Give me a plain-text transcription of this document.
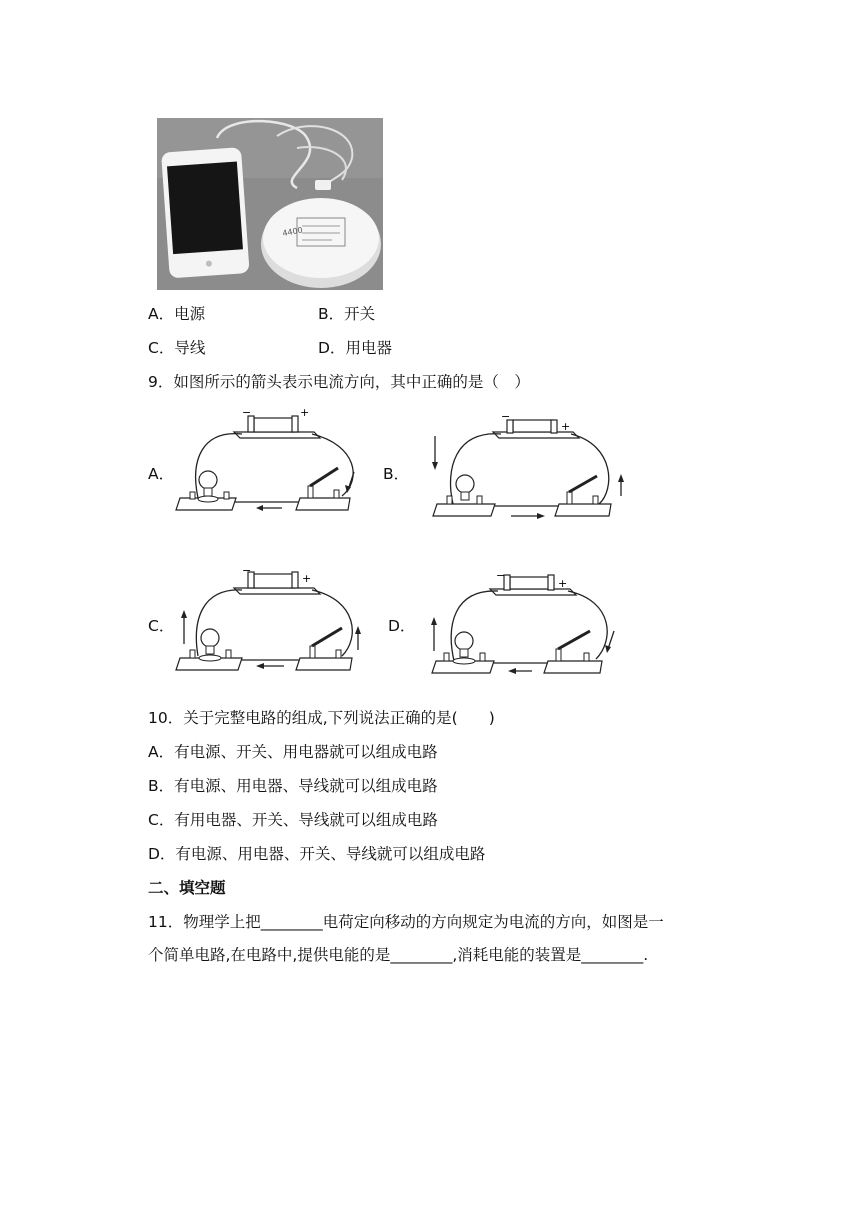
4400
A．电源	B．开关
C．导线	D．用电器
9．如图所示的箭头表示电流方向，其中正确的是（　）
A．
−	+
B．
−
+
C．
−
+
D．
−
+
10．关于完整电路的组成,下列说法正确的是(　　)
A．有电源、开关、用电器就可以组成电路
B．有电源、用电器、导线就可以组成电路
C．有用电器、开关、导线就可以组成电路
D．有电源、用电器、开关、导线就可以组成电路
二、填空题
11．物理学上把________电荷定向移动的方向规定为电流的方向，如图是一
个简单电路,在电路中,提供电能的是________,消耗电能的装置是________.
